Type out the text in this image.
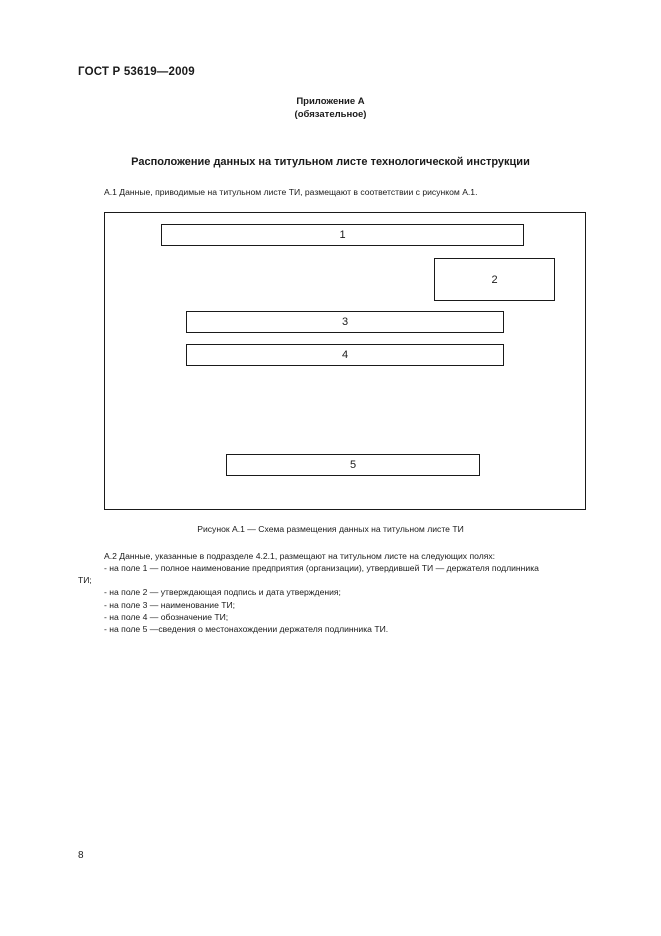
ГОСТ Р 53619—2009
Приложение А
(обязательное)
Расположение данных на титульном листе технологической инструкции
А.1 Данные, приводимые на титульном листе ТИ, размещают в соответствии с рисунком А.1.
1
2
3
4
5
Рисунок А.1 — Схема размещения данных на титульном листе ТИ
А.2 Данные, указанные в подразделе 4.2.1, размещают на титульном листе на следующих полях:
- на поле 1 — полное наименование предприятия (организации), утвердившей ТИ — держателя подлинника
ТИ;
- на поле 2 — утверждающая подпись и дата утверждения;
- на поле 3 — наименование ТИ;
- на поле 4 — обозначение ТИ;
- на поле 5 —сведения о местонахождении держателя подлинника ТИ.
8
